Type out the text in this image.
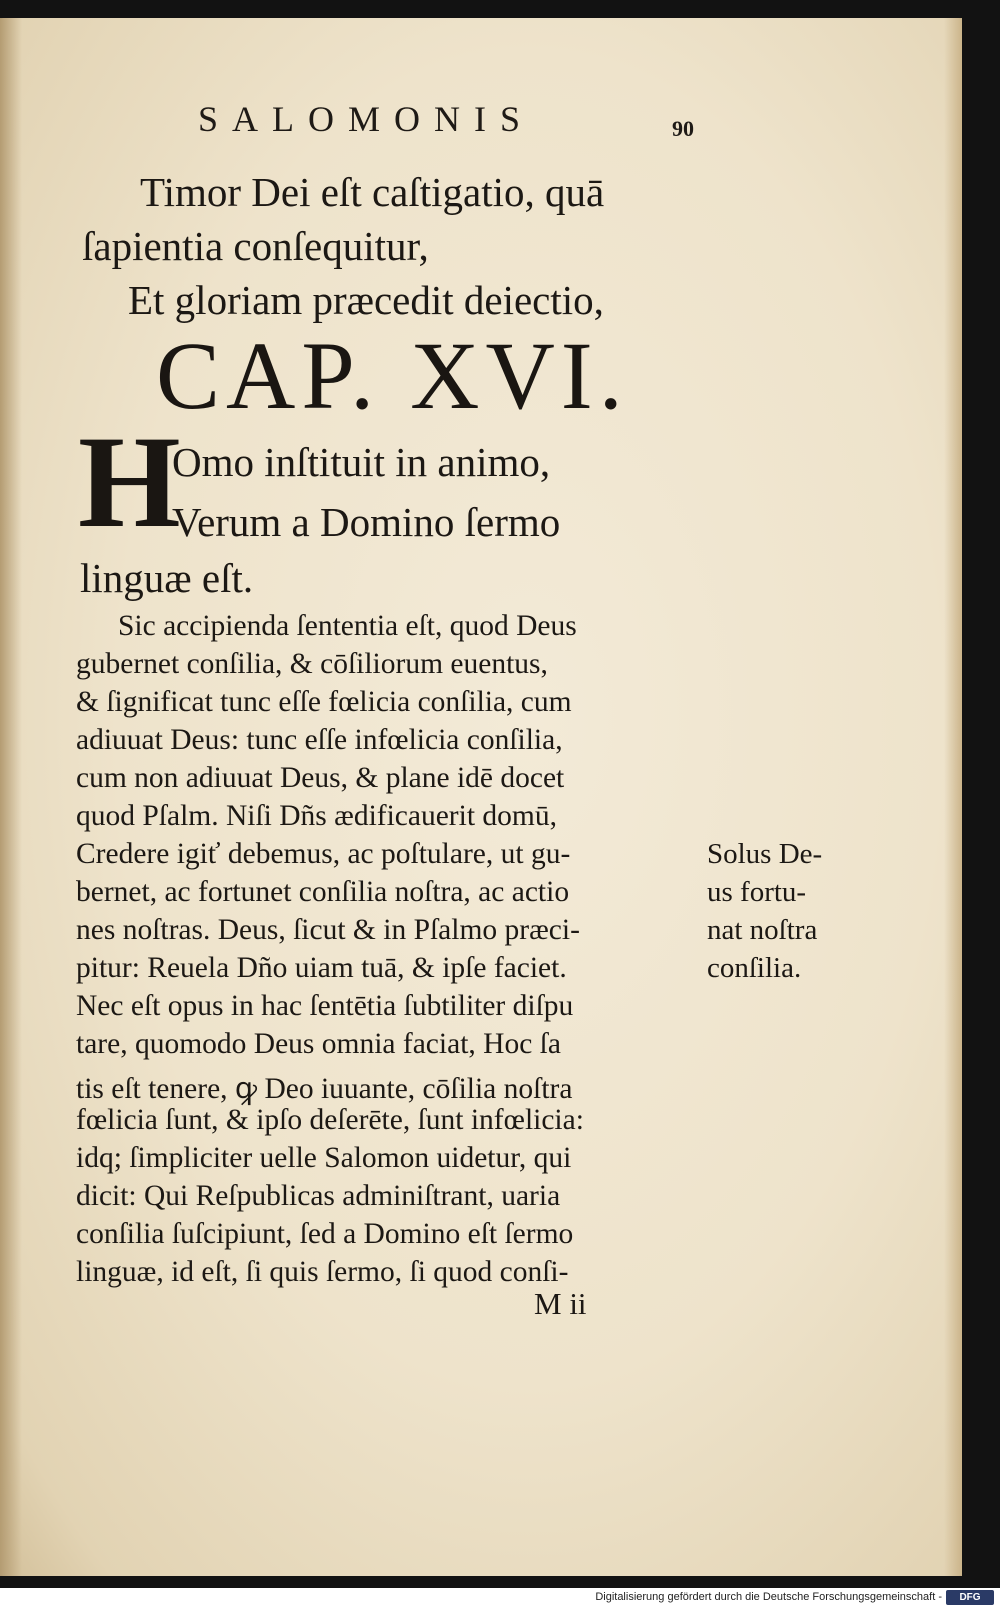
SALOMONIS	90
Timor Dei eſt caſtigatio, quā
ſapientia conſequitur,
Et gloriam præcedit deiectio,
CAP. XVI.
H
Omo inſtituit in animo,
Verum a Domino ſermo
linguæ eſt.
Sic accipienda ſententia eſt, quod Deus
gubernet conſilia, & cōſiliorum euentus,
& ſignificat tunc eſſe fœlicia conſilia, cum
adiuuat Deus: tunc eſſe infœlicia conſilia,
cum non adiuuat Deus, & plane idē docet
quod Pſalm. Niſi Dñs ædificauerit domū,
Credere igiť debemus, ac poſtulare, ut gu-
bernet, ac fortunet conſilia noſtra, ac actio
nes noſtras. Deus, ſicut & in Pſalmo præci-
pitur: Reuela Dño uiam tuā, & ipſe faciet.
Nec eſt opus in hac ſentētia ſubtiliter diſpu
tare, quomodo Deus omnia faciat, Hoc ſa
tis eſt tenere, ꝙ Deo iuuante, cōſilia noſtra
fœlicia ſunt, & ipſo deſerēte, ſunt infœlicia:
idq; ſimpliciter uelle Salomon uidetur, qui
dicit: Qui Reſpublicas adminiſtrant, uaria
conſilia ſuſcipiunt, ſed a Domino eſt ſermo
linguæ, id eſt, ſi quis ſermo, ſi quod conſi-
Solus De-
us fortu-
nat noſtra
conſilia.
M ii
Digitalisierung gefördert durch die Deutsche Forschungsgemeinschaft -	DFG
